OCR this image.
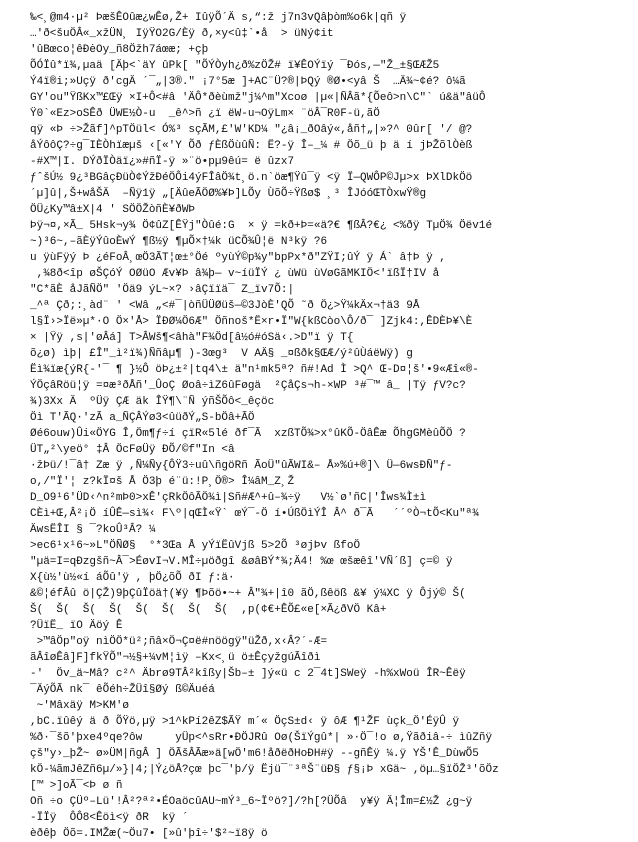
‰<¸@m4·µ² ÞæšÊOûæ¿wÊø,Ž+ IûÿÕ´Ä s,“:ž j7n3vQâþòm%o6k|qñ ÿ
…'ð<šuÖÂ«_xžÜN¸ IÿŸO2G/Èÿ ð,×y<û‡`•å  > üNý¢it
'ûBœco¦êÐėOy_ñ8Öžh7áœæ; +çþ
ÕÓÏû*ï¾,µaä [Äþ<`äY ûPk[ "ÕÝÒyh¿ð%zÖŽ# ï¥ÊOÝïý ¯Ðós,—"Ž_±§ŒÆŽ5
Ý4ï®i;»Uçÿ ð'cgÄ ´¯„|3®." ¡7°5æ ]+AC¨Ü?®|ÞQý ®Ø•<yâ Š  …Ä¾~¢é? ô¼ã
GY'ou"ŸßKx™£Œÿ ×I+Ô<#â 'ÄÔ*ðèùmž"j¼^m"Xcoø |µ«|ÑÂã*{Õeô>n\C"` ú&ä"âüÔ
Ÿ0`«Ez>oSÊð ÜWE½Ò-u  _ê^>ñ ¿ï ëW-u¬OÿLm× ¨öÂ¯R0F-ü,ãÖ
qÿ «Þ ÷>Žãf]^pTÖül< Ó%³ sçÃM,£'W'KD¼ "¿â¡_ðOâý«,åñ†„|»?^ 0ûr[ '/ @?
åÝôôÇ?÷g¯IÈÒhïæµš ‹[«'Y Õð ƒÈßÖùûÑ: Ë?-ÿ Î–_¼ # Öõ_ü þ ä í jÞŽõlÒèß
-#X™|I. DÝðÏÒäï¿»#ñÏ-ÿ »¨ö•pµ9êú= ë ûzx7
ƒˆšÚ½ 9¿³BGâçÐüÒ¢ÝžÐéÖÔi4ýFÎâÖ¾t¸ö.n`öæ¶Ÿû¯ÿ <ÿ Ï—QWÔP©Jµ>x ÞXlDkÖö
´µ]û|,Š+wåŠÄ  –Ñÿ1ÿ „[ÄûeÃÖØ%¥Þ]LÕy ÙõÕ÷Ÿßø$ ¸³ ÎJóóŒTÒxwŸ®g
ÖÜ¿Ky™â±X|4 ' SÖÖŽòñÈ¥ðWÞ
Þÿ¬¤,×Ã_ 5Hsk¬y¾ Ö¢ûZ[ÊŸj"Òûé:G  × ÿ =kð+Þ=«ä?€ ¶ßÂ?€¿ <%ðÿ TµÖ¾ Öëv1é
~)³6~,–ãÈÿÝûoÈwÝ ¶ß½ÿ ¶µÕ×†¼k üCÕ¾Û¦ë N³kÿ ?6
u ÿùFÿý Þ ¿éFoÂ¸œÖ3ÃT¦œ±°Öé ºyùÝ©p¾y"bpPx*ð"ZŸI;ûÝ ÿ Á` â†Þ ÿ ,
,¾8ð<îp øŠÇóÝ OØüO Æv¥Þ â¾þ— v~íüÏÝ ¿ ùWü ùVøGãMKIÖ<'ïßÏ†IV å
"C*ãÈ åJãÑÖ" 'Öä9 ýL~×? ›âÇïïä¯ Z_ïv7Õ:|
_^ª Çð;:¸àd¨ ' <Wâ „<#¯|òñÜÜØüš—©3JòÈ'QÕ ˜ð Ö¿>Ÿ¼kÄx¬†ä3 9Å
l§Ï›>Ïë»µ*·O Ö×'Å> ÏÐØ¼Ö6Æ" Öñnoš*Ë×r•Ï"W{kßCòo\Ô/ð¯ ]Zjk4:,ÊDÈÞ¥\È
× |Ÿÿ ,s|'øÂá] T>ÂWš¶<âhà"F¾Öd[â½ó#óSä‹.>D"ï ÿ T{
õ¿ø) ìþ| £Î"_ì²ï¾)Ññâµ¶ )-3œg³  V AÄ§ _¤ßðk§ŒÆ/ý²ûÙáëWÿ) g
Ëì¾ïæ{ýR{-'¯ ¶ }½Ô öÞ¿±²|tq4\± ä"n¹mk5ª? ñ#!Ad Ì >Q^ Œ-D¤¦š'•9«Æî«®-
ÝÖçâRöü¦ÿ =¤æ³ðÅñ'_ÛoÇ Øoâ÷ìZ6ûFøgä  ²ÇåÇs¬h-×WP ³#¯™ â_ |Tÿ ƒV?c?
¾)3Xx Ä  ºÜÿ ÇÆ äk ÎŸ¶\¨Ñ ýñŠÕô<_êçöc
Öì T'ÃQ·'zÃ a_ÑÇÂÝø3<ûüðÝ„S-bÖâ+ÃÖ
Øé6ouw)Ûi«ÖYG Î,Öm¶ƒ÷í çïR«5lé ðf¯Ã  xzßTÕ¾>x°ûKÕ-ÖâÊæ ÕhgGMèûÕÖ ?
ÜT„²\yeö° ‡Â ÖcFøÜÿ ÐÕ/©f"In <â
·žÞü/!¯â† Zæ ÿ ,Ñ¼Ñy{ÔŸ3÷uû\ñgöRñ ÃoÜ"ûÃWI&– Å»%ú+®]\ Ü—6wsÐÑ"ƒ-
o,/"Ï'¦ z?kÏ¤š Å Ö3þ é¨ü:!P¸Ö®> Î¼âM_Z¸Ž
D_O9¹6'ÜD‹^n²mÞ0>xÊ'çRkÖôÃÖ¾ì|Sñ#Æ^+û–¾÷ÿ   V½`ø'ñC|'Îws¾Ì±ì
CÈì+Œ,Â²¡Ö íÛÊ—sì¾‹ F\º|qŒÌ«Ÿ` œÝ¯-Ö í•ÚßÖìÝÎ Â^ ð¯Ã   ´´ºÒ¬tÕ<Ku"ª¾
ÄwsËÎI § ¯?koÛ³Â? ¼
>ec6¹x¹6~»L"ÖÑØ§  °*3Œa Å yÝïËûVjß 5>2Õ ³øjÞv ßfoÖ
"µä=I=qÐzgšñ~Â¯>ÉøvI¬V.MÎ÷µöðgî &øâBÝ*¾;Ä4! %œ œšæêî'VÑ´ß] ç=© ÿ
X{ù½'ù½«í áÕû'ÿ , þÖ¿õÕ ðI ƒ:ä·
&©¦éfÂû ö|ÇŽ)9þÇûÏöä†(¥ÿ ¶Þõö•~+ Â"¾+|î0 ãÖ,ßêöß &¥ ý¼XC ÿ Ôjý© Š(
Š(  Š(  Š(  Š(  Š(  Š(  Š(  Š(  ,p(¢€+ÊÕ£«e[×Ã¿ðVÖ Kâ+
?ÜïË_ ïO Äöý Ê
>™âÖp"oÿ nìÖÖ*ü²;ñâ×Ö¬Ç¤ë#nöögÿ"üŽð,x‹Â?´-Æ=
ãÂîøÊâ]F]fkŸÕ"¬½§+¼vM¦ìÿ –Kx<¸ü ö±ÊçyžgúÃîðì
-'  Öv_ä~Mâ? c²^ Äbrø9TÂ²kîßy|Šb–± ]ý«ü c 2¯4t]SWeÿ -h%xWoü ÎR~Êëÿ
¯ÄýÕÃ nk¯ êÕéh÷ŽÜî§Øý ß©Äuéá
~'Mâxäÿ M>KM'ø
,bC.ïûêý ä ð ÕŸö,µÿ >1^kPí2êZ$ÃŸ m´« ÖçS±d‹ ÿ ôÆ ¶¹ŽF ùçk_Ö'ÉÿÛ ÿ
%ð·¯šõ'þxe4ºqe?ôw     yÜp<^sRr•ÐÖJRû Oø(ŠïÝgû*| »·Ö¯!o ø,Ÿãðiâ-÷ ìûZñÿ
çš"y›_þŽ~ ø»ÜM|ñgÂ ] ÖÃšÂÃæ»ä[wÖ'm6!åðëðHoÐH#ÿ --gñÊÿ ¼.ÿ YŠ'Ê_DùwÕ5
kÖ-¼ãmJêZñ6µ/»}|4;|Ý¿öÅ?çœ þc¯'þ/ÿ Ëjü¯¨³ªŠ¨üÐ§ ƒ§¡Þ xGä~ ,öµ…§ïÖŽ³'õÖz
[™ >]oÃ¯<Þ ø ñ
Oñ ÷o ÇÜº–Lü'!Â²?ª²•ÉOaöcûAU~mÝ³_6~Ïºö?]/?h[?ÜÕâ  y¥ÿ Ä¦Îm=£½Ž ¿g~ÿ
-ÏÏÿ  ÔÔ8<Êöì<ÿ ðR  kÿ ´
èðêþ Öõ=.IMŽæ(~Öu7• [»û'þî÷'$²~ï8ÿ ö
